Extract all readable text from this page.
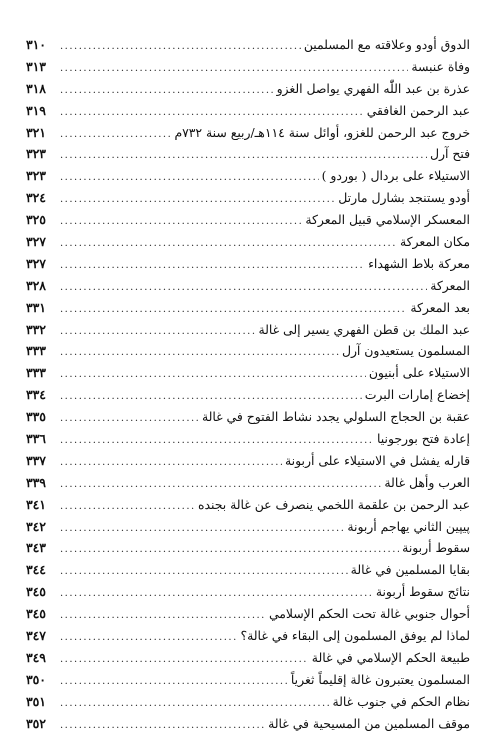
الدوق أودو وعلاقته مع المسلمين
.....
٣١٠
وفاة عنبسة
.....
٣١٣
عذرة بن عبد اللّٰه الفهري يواصل الغزو
.....
٣١٨
عبد الرحمن الغافقي
.....
٣١٩
خروج عبد الرحمن للغزو، أوائل سنة ١١٤هـ/ربيع سنة ٧٣٢م
.....
٣٢١
فتح آرل
.....
٣٢٣
الاستيلاء على بردال ( بوردو )
.....
٣٢٣
أودو يستنجد بشارل مارتل
.....
٣٢٤
المعسكر الإسلامي قبيل المعركة
.....
٣٢٥
مكان المعركة
.....
٣٢٧
معركة بلاط الشهداء
.....
٣٢٧
المعركة
.....
٣٢٨
بعد المعركة
.....
٣٣١
عبد الملك بن قطن الفهري يسير إلى غالة
.....
٣٣٢
المسلمون يستعيدون آرل
.....
٣٣٣
الاستيلاء على أبنيون
.....
٣٣٣
إخضاع إمارات البرت
.....
٣٣٤
عقبة بن الحجاج السلولي يجدد نشاط الفتوح في غالة
.....
٣٣٥
إعادة فتح بورجونيا
.....
٣٣٦
قارله يفشل في الاستيلاء على أربونة
.....
٣٣٧
العرب وأهل غالة
.....
٣٣٩
عبد الرحمن بن علقمة اللخمي ينصرف عن غالة بجنده
.....
٣٤١
پيپين الثاني يهاجم أربونة
.....
٣٤٢
سقوط أربونة
.....
٣٤٣
بقايا المسلمين في غالة
.....
٣٤٤
نتائج سقوط أربونة
.....
٣٤٥
أحوال جنوبي غالة تحت الحكم الإسلامي
.....
٣٤٥
لماذا لم يوفق المسلمون إلى البقاء في غالة؟
.....
٣٤٧
طبيعة الحكم الإسلامي في غالة
.....
٣٤٩
المسلمون يعتبرون غالة إقليماً ثغرياً
.....
٣٥٠
نظام الحكم في جنوب غالة
.....
٣٥١
موقف المسلمين من المسيحية في غالة
.....
٣٥٢
